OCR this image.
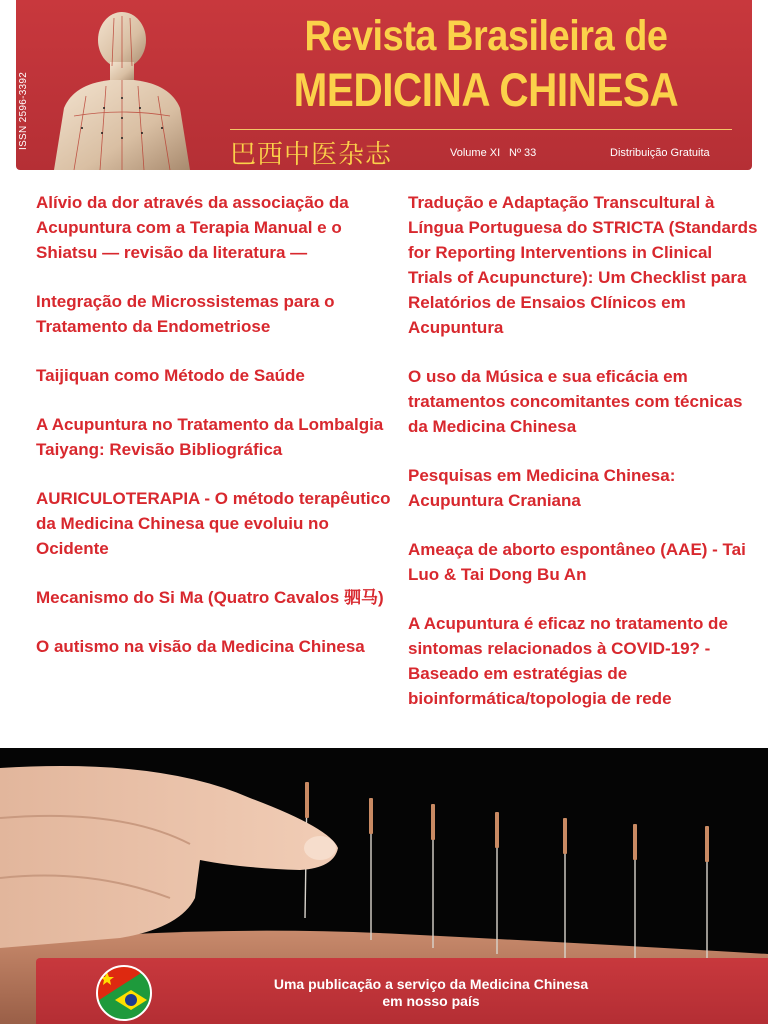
ISSN 2596-3392
Revista Brasileira de
MEDICINA CHINESA
巴西中医杂志	Volume XI Nº 33	Distribuição Gratuita
Alívio da dor através da associação da Acupuntura com a Terapia Manual e o Shiatsu — revisão da literatura —
Integração de Microssistemas para o Tratamento da Endometriose
Taijiquan como Método de Saúde
A Acupuntura no Tratamento da Lombalgia Taiyang: Revisão Bibliográfica
AURICULOTERAPIA - O método terapêutico da Medicina Chinesa que evoluiu no Ocidente
Mecanismo do Si Ma (Quatro Cavalos 驷马)
O autismo na visão da Medicina Chinesa
Tradução e Adaptação Transcultural à Língua Portuguesa do STRICTA (Standards for Reporting Interventions in Clinical Trials of Acupuncture): Um Checklist para Relatórios de Ensaios Clínicos em Acupuntura
O uso da Música e sua eficácia em tratamentos concomitantes com técnicas da Medicina Chinesa
Pesquisas em Medicina Chinesa: Acupuntura Craniana
Ameaça de aborto espontâneo (AAE) - Tai Luo & Tai Dong Bu An
A Acupuntura é eficaz no tratamento de sintomas relacionados à COVID-19? - Baseado em estratégias de bioinformática/topologia de rede
Uma publicação a serviço da Medicina Chinesa
em nosso país
